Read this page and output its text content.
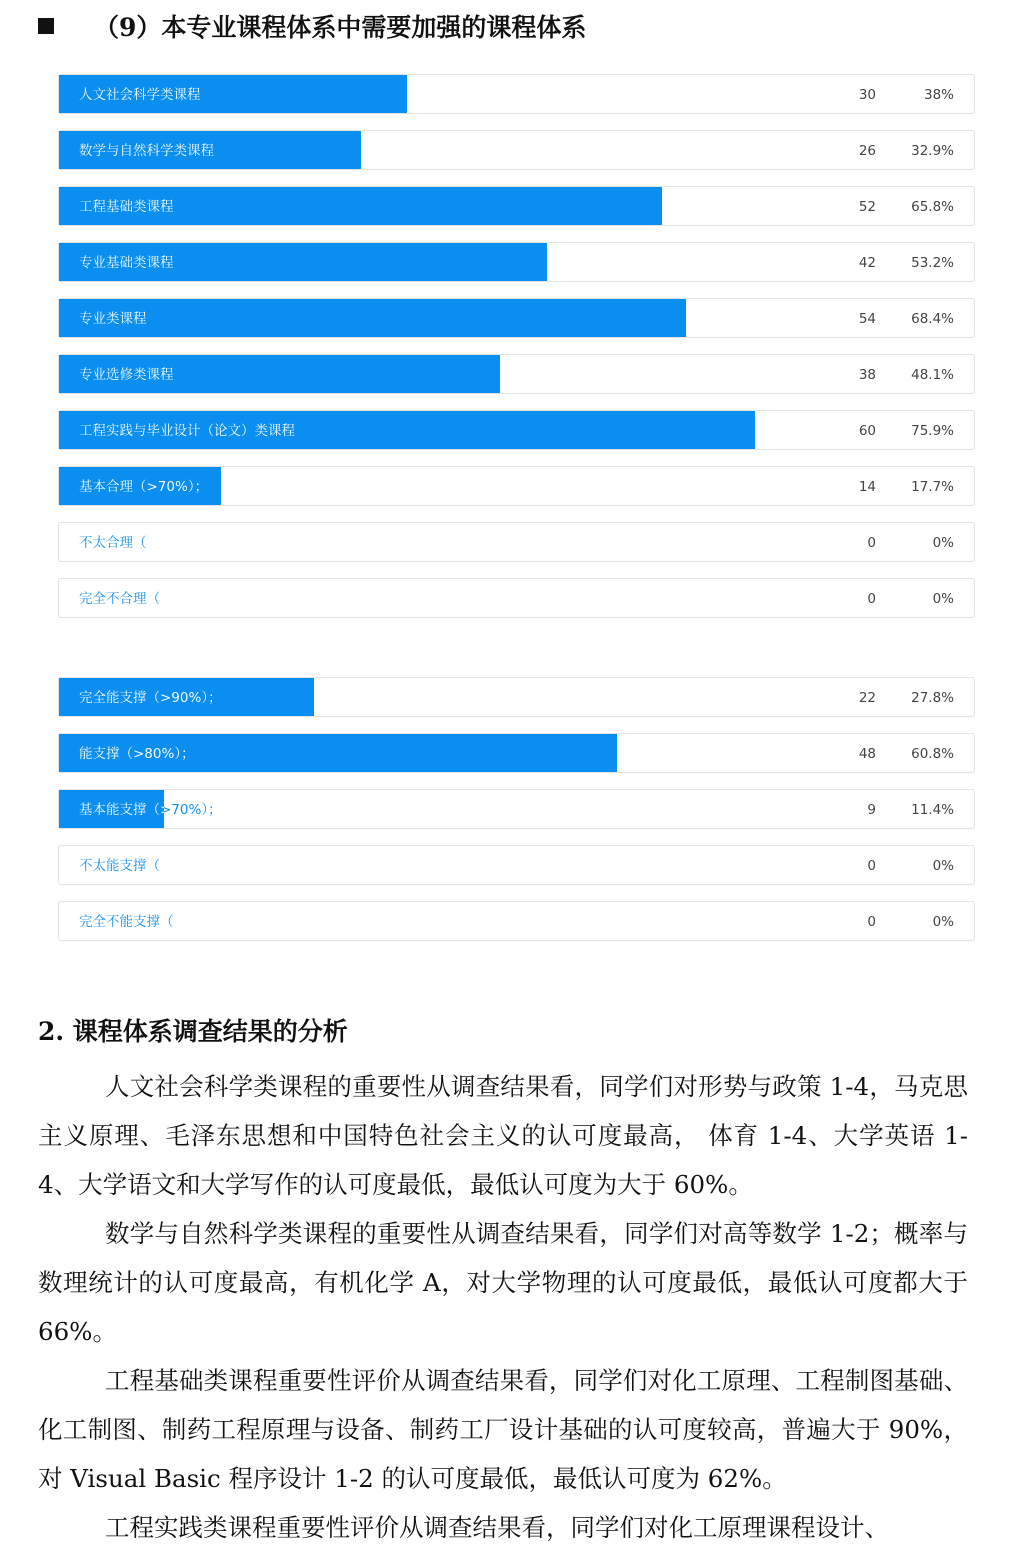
（9）本专业课程体系中需要加强的课程体系
人文社会科学类课程	30	38%
数学与自然科学类课程	26	32.9%
工程基础类课程	52	65.8%
专业基础类课程	42	53.2%
专业类课程	54	68.4%
专业选修类课程	38	48.1%
工程实践与毕业设计（论文）类课程	60	75.9%
基本合理（>70%）；	14	17.7%
不太合理（	0	0%
完全不合理（	0	0%
完全能支撑（>90%）；	22	27.8%
能支撑（>80%）；	48	60.8%
基本能支撑（>70%）；	9	11.4%
不太能支撑（	0	0%
完全不能支撑（	0	0%
2. 课程体系调查结果的分析

人文社会科学类课程的重要性从调查结果看，同学们对形势与政策 1-4，马克思主义原理、毛泽东思想和中国特色社会主义的认可度最高， 体育 1-4、大学英语 1-4、大学语文和大学写作的认可度最低，最低认可度为大于 60%。

数学与自然科学类课程的重要性从调查结果看，同学们对高等数学 1-2；概率与数理统计的认可度最高，有机化学 A，对大学物理的认可度最低，最低认可度都大于 66%。

工程基础类课程重要性评价从调查结果看，同学们对化工原理、工程制图基础、化工制图、制药工程原理与设备、制药工厂设计基础的认可度较高，普遍大于 90%，对 Visual Basic 程序设计 1-2 的认可度最低，最低认可度为 62%。

工程实践类课程重要性评价从调查结果看，同学们对化工原理课程设计、
